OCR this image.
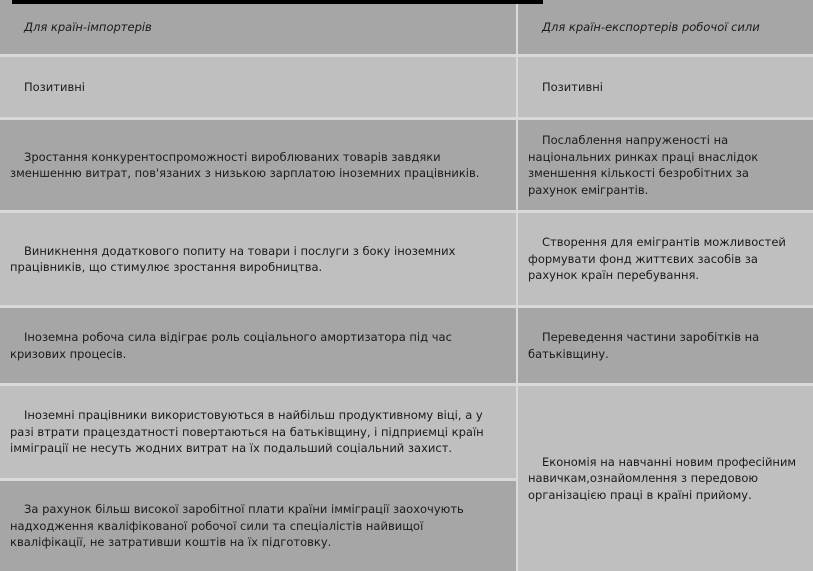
Для країн-імпортерів	Для країн-експортерів робочої сили
Позитивні	Позитивні
Зростання конкурентоспроможності вироблюваних товарів завдяки зменшенню витрат, пов'язаних з низькою зарплатою іноземних працівників.
Послаблення напруженості на національних ринках праці внаслідок зменшення кількості безробітних за рахунок емігрантів.
Виникнення додаткового попиту на товари і послуги з боку іноземних працівників, що стимулює зростання виробництва.
Створення для емігрантів можливостей формувати фонд життєвих засобів за рахунок країн перебування.
Іноземна робоча сила відіграє роль соціального амортизатора під час кризових процесів.
Переведення частини заробітків на батьківщину.
Іноземні працівники використовуються в найбільш продуктивному віці, а у разі втрати працездатності повертаються на батьківщину, і підприємці країн імміграції не несуть жодних витрат на їх подальший соціальний захист.
Економія на навчанні новим професійним навичкам,ознайомлення з передовою організацією праці в країні прийому.
За рахунок більш високої заробітної плати країни імміграції заохочують надходження кваліфікованої робочої сили та спеціалістів найвищої кваліфікації, не затративши коштів на їх підготовку.
